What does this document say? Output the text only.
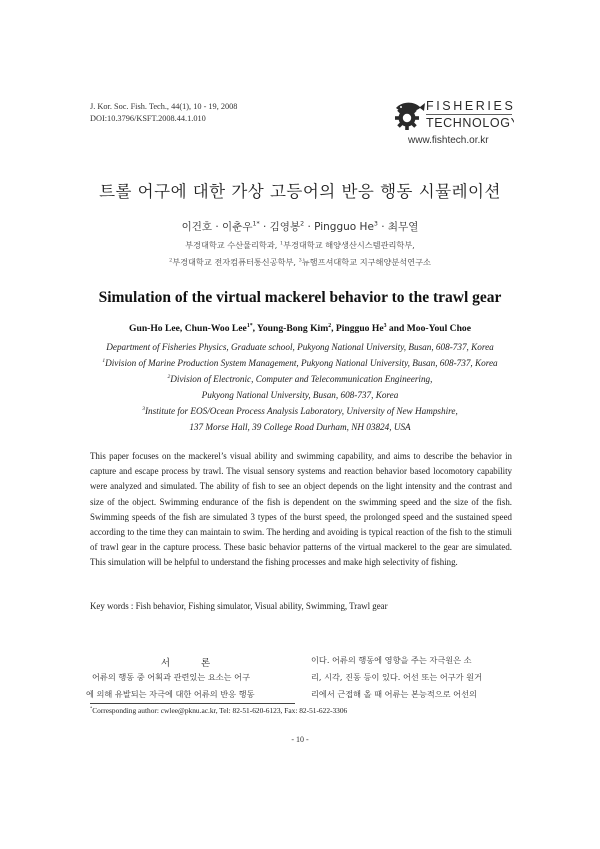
J. Kor. Soc. Fish. Tech., 44(1), 10 - 19, 2008
DOI:10.3796/KSFT.2008.44.1.010
FISHERIES
TECHNOLOGY
www.fishtech.or.kr
트롤 어구에 대한 가상 고등어의 반응 행동 시뮬레이션
이건호 · 이춘우$^{1*}$ · 김영봉$^2$ · Pingguo $He^3$ · 최무열
부경대학교 수산물리학과, $^1$부경대학교 해양생산시스템관리학부,
$^2$부경대학교 전자컴퓨터통신공학부, $^3$뉴햄프셔대학교 지구해양분석연구소
Simulation of the virtual mackerel behavior to the trawl gear
Gun-Ho Lee, Chun-Woo Lee$^{1*}$, Young-Bong Kim$^2$, Pingguo He$^3$ and Moo-Youl Choe
Department of Fisheries Physics, Graduate school, Pukyong National University, Busan, 608-737, Korea
$^1$Division of Marine Production System Management, Pukyong National University, Busan, 608-737, Korea
$^2$Division of Electronic, Computer and Telecommunication Engineering,
Pukyong National University, Busan, 608-737, Korea
$^3$Institute for EOS/Ocean Process Analysis Laboratory, University of New Hampshire,
137 Morse Hall, 39 College Road Durham, NH 03824, USA
This paper focuses on the mackerel’s visual ability and swimming capability, and aims to describe the behavior in capture and escape process by trawl. The visual sensory systems and reaction behavior based locomotory capability were analyzed and simulated. The ability of fish to see an object depends on the light intensity and the contrast and size of the object. Swimming endurance of the fish is dependent on the swimming speed and the size of the fish. Swimming speeds of the fish are simulated 3 types of the burst speed, the prolonged speed and the sustained speed according to the time they can maintain to swim. The herding and avoiding is typical reaction of the fish to the stimuli of trawl gear in the capture process. These basic behavior patterns of the virtual mackerel to the gear are simulated. This simulation will be helpful to understand the fishing processes and make high selectivity of fishing.
Key words : Fish behavior, Fishing simulator, Visual ability, Swimming, Trawl gear
서 론
어류의 행동 중 어획과 관련있는 요소는 어구
에 의해 유발되는 자극에 대한 어류의 반응 행동
이다. 어류의 행동에 영향을 주는 자극원은 소
리, 시각, 진동 등이 있다. 어선 또는 어구가 원거
리에서 근접해 올 때 어류는 본능적으로 어선의
*Corresponding author: cwlee@pknu.ac.kr, Tel: 82-51-620-6123, Fax: 82-51-622-3306
- 10 -
